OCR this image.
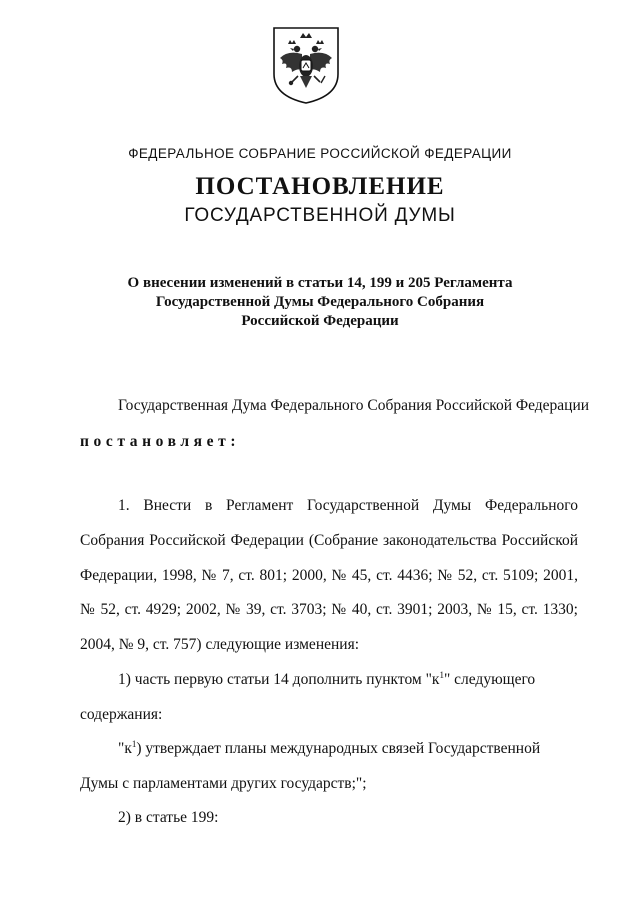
ФЕДЕРАЛЬНОЕ СОБРАНИЕ РОССИЙСКОЙ ФЕДЕРАЦИИ
ПОСТАНОВЛЕНИЕ
ГОСУДАРСТВЕННОЙ ДУМЫ
О внесении изменений в статьи 14, 199 и 205 Регламента
Государственной Думы Федерального Собрания
Российской Федерации
Государственная Дума Федерального Собрания Российской Федерации
постановляет:
1. Внести в Регламент Государственной Думы Федерального
Собрания Российской Федерации (Собрание законодательства Российской
Федерации, 1998, № 7, ст. 801; 2000, № 45, ст. 4436; № 52, ст. 5109; 2001,
№ 52, ст. 4929; 2002, № 39, ст. 3703; № 40, ст. 3901; 2003, № 15, ст. 1330;
2004, № 9, ст. 757) следующие изменения:
1) часть первую статьи 14 дополнить пунктом "$к^1$" следующего
содержания:
"$к^1$) утверждает планы международных связей Государственной
Думы с парламентами других государств;";
2) в статье 199:
